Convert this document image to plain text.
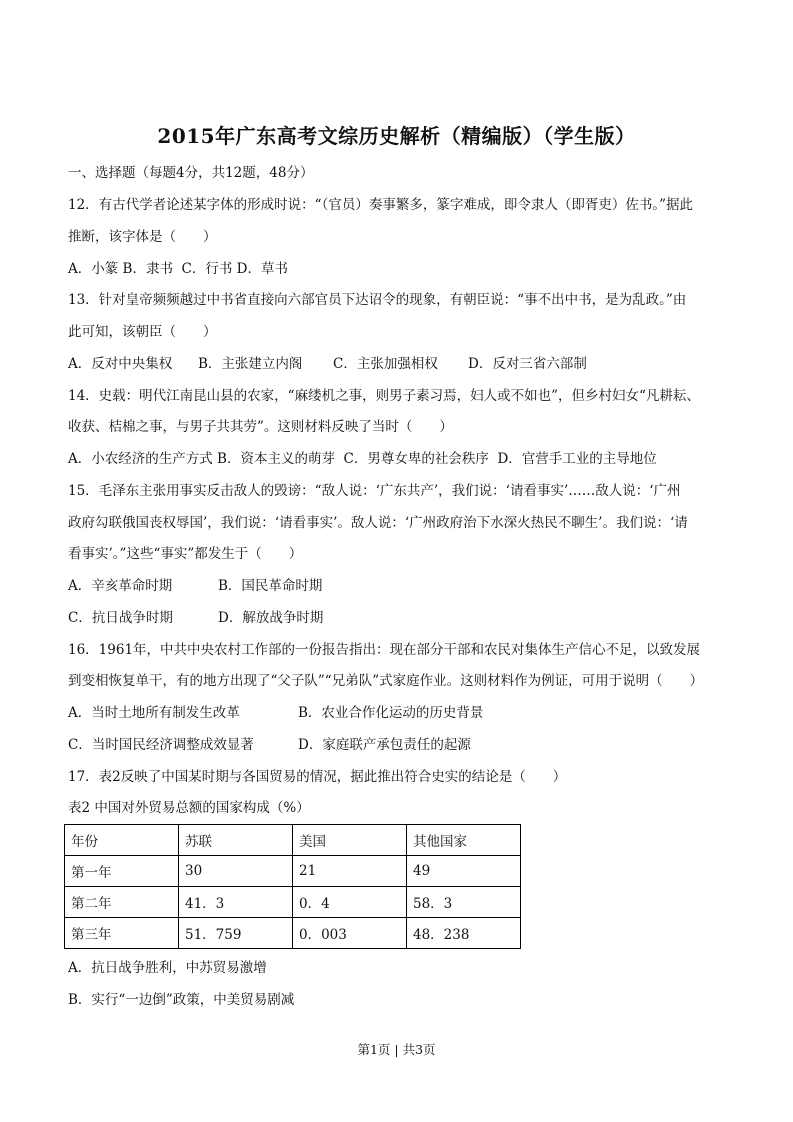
2015年广东高考文综历史解析（精编版）（学生版）
一、选择题（每题4分，共12题，48分）
12．有古代学者论述某字体的形成时说：“（官员）奏事繁多，篆字难成，即令隶人（即胥吏）佐书。”据此
推断，该字体是（　　）
A．小篆 B．隶书  C．行书 D．草书
13．针对皇帝频频越过中书省直接向六部官员下达诏令的现象，有朝臣说：“事不出中书，是为乱政。”由
此可知，该朝臣（　　）
A．反对中央集权 B．主张建立内阁 C．主张加强相权 D．反对三省六部制
14．史载：明代江南昆山县的农家，“麻缕机之事，则男子素习焉，妇人或不如也”，但乡村妇女“凡耕耘、
收获、桔棉之事，与男子共其劳”。这则材料反映了当时（　　）
A．小农经济的生产方式 B．资本主义的萌芽  C．男尊女卑的社会秩序  D．官营手工业的主导地位
15．毛泽东主张用事实反击敌人的毁谤：“敌人说：‘广东共产’，我们说：‘请看事实’……敌人说：‘广州
政府勾联俄国丧权辱国’，我们说：‘请看事实’。敌人说：‘广州政府治下水深火热民不聊生’。我们说：‘请
看事实’。”这些“事实”都发生于（　　）
A．辛亥革命时期	B．国民革命时期
C．抗日战争时期	D．解放战争时期
16．1961年，中共中央农村工作部的一份报告指出：现在部分干部和农民对集体生产信心不足，以致发展
到变相恢复单干，有的地方出现了“父子队”“兄弟队”式家庭作业。这则材料作为例证，可用于说明（　　）
A．当时土地所有制发生改革	B．农业合作化运动的历史背景
C．当时国民经济调整成效显著	D．家庭联产承包责任的起源
17．表2反映了中国某时期与各国贸易的情况，据此推出符合史实的结论是（　　）
表2 中国对外贸易总额的国家构成（%）
年份	苏联	美国	其他国家
第一年	30	21	49
第二年	41．3	0．4	58．3
第三年	51．759	0．003	48．238
A．抗日战争胜利，中苏贸易激增
B．实行“一边倒”政策，中美贸易剧减
第1页 | 共3页
